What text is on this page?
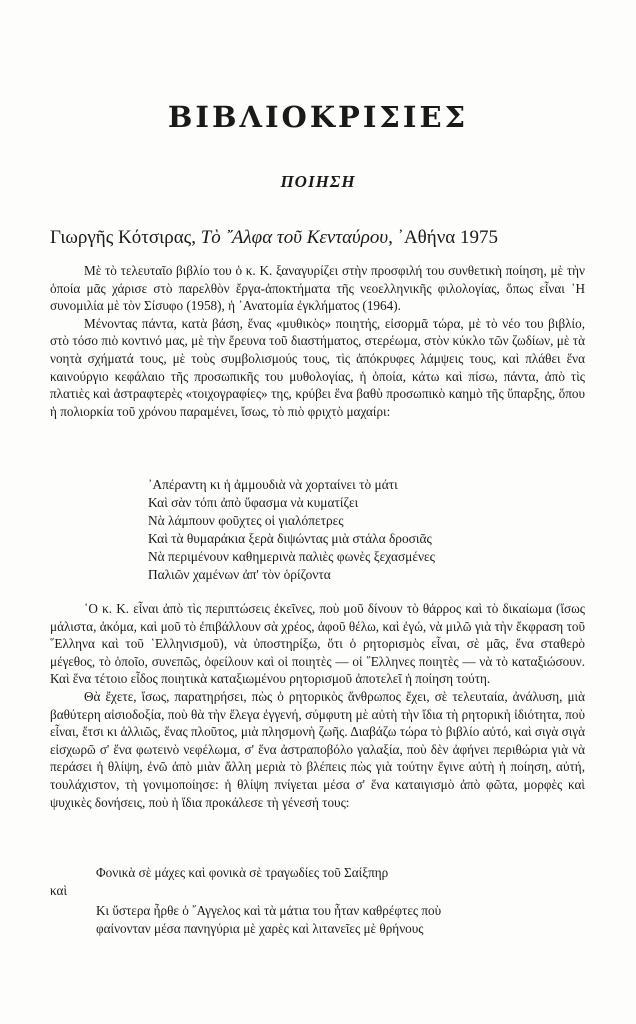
ΒΙΒΛΙΟΚΡΙΣΙΕΣ
ΠΟΙΗΣΗ
Γιωργῆς Κότσιρας, Τὸ ῎Αλφα τοῦ Κενταύρου, ᾿Αθήνα 1975

Μὲ τὸ τελευταῖο βιβλίο του ὁ κ. Κ. ξαναγυρίζει στὴν προσφιλή του συνθετικὴ ποίηση, μὲ τὴν ὁποία μᾶς χάρισε στὸ παρελθὸν ἔργα-ἀποκτήματα τῆς νεοελληνικῆς φιλολογίας, ὅπως εἶναι ῾Η συνομιλία μὲ τὸν Σίσυφο (1958), ἡ ᾿Ανατομία ἐγκλήματος (1964).

Μένοντας πάντα, κατὰ βάση, ἕνας «μυθικὸς» ποιητής, εἰσορμᾶ τώρα, μὲ τὸ νέο του βιβλίο, στὸ τόσο πιὸ κοντινό μας, μὲ τὴν ἔρευνα τοῦ διαστήματος, στερέωμα, στὸν κύκλο τῶν ζωδίων, μὲ τὰ νοητὰ σχήματά τους, μὲ τοὺς συμβολισμούς τους, τὶς ἀπόκρυφες λάμψεις τους, καὶ πλάθει ἕνα καινούργιο κεφάλαιο τῆς προσωπικῆς του μυθολογίας, ἡ ὁποία, κάτω καὶ πίσω, πάντα, ἀπὸ τὶς πλατιὲς καὶ ἀστραφτερὲς «τοιχογραφίες» της, κρύβει ἕνα βαθὺ προσωπικὸ καημὸ τῆς ὕπαρξης, ὅπου ἡ πολιορκία τοῦ χρόνου παραμένει, ἴσως, τὸ πιὸ φριχτὸ μαχαίρι:

᾿Απέραντη κι ἡ ἀμμουδιὰ νὰ χορταίνει τὸ μάτι
Καὶ σὰν τόπι ἀπὸ ὕφασμα νὰ κυματίζει
Νὰ λάμπουν φοῦχτες οἱ γιαλόπετρες
Καὶ τὰ θυμαράκια ξερὰ διψώντας μιὰ στάλα δροσιᾶς
Νὰ περιμένουν καθημερινὰ παλιὲς φωνὲς ξεχασμένες
Παλιῶν χαμένων ἀπ' τὸν ὁρίζοντα

῾Ο κ. Κ. εἶναι ἀπὸ τὶς περιπτώσεις ἐκεῖνες, ποὺ μοῦ δίνουν τὸ θάρρος καὶ τὸ δικαίωμα (ἴσως μάλιστα, ἀκόμα, καὶ μοῦ τὸ ἐπιβάλλουν σὰ χρέος, ἀφοῦ θέλω, καὶ ἐγώ, νὰ μιλῶ γιὰ τὴν ἔκφραση τοῦ ῞Ελληνα καὶ τοῦ ῾Ελληνισμοῦ), νὰ ὑποστηρίξω, ὅτι ὁ ρητορισμὸς εἶναι, σὲ μᾶς, ἕνα σταθερὸ μέγεθος, τὸ ὁποῖο, συνεπῶς, ὀφείλουν καὶ οἱ ποιητὲς — οἱ ῞Ελληνες ποιητὲς — νὰ τὸ καταξιώσουν. Καὶ ἕνα τέτοιο εἶδος ποιητικὰ καταξιωμένου ρητορισμοῦ ἀποτελεῖ ἡ ποίηση τούτη.

Θὰ ἔχετε, ἴσως, παρατηρήσει, πὼς ὁ ρητορικὸς ἄνθρωπος ἔχει, σὲ τελευταία, ἀνάλυση, μιὰ βαθύτερη αἰσιοδοξία, ποὺ θὰ τὴν ἔλεγα ἐγγενή, σύμφυτη μὲ αὐτὴ τὴν ἴδια τὴ ρητορικὴ ἰδιότητα, ποὺ εἶναι, ἔτσι κι ἀλλιῶς, ἕνας πλοῦτος, μιὰ πλησμονὴ ζωῆς. Διαβάζω τώρα τὸ βιβλίο αὐτό, καὶ σιγὰ σιγὰ εἰσχωρῶ σ' ἕνα φωτεινὸ νεφέλωμα, σ' ἕνα ἀστραποβόλο γαλαξία, ποὺ δὲν ἀφήνει περιθώρια γιὰ νὰ περάσει ἡ θλίψη, ἐνῶ ἀπὸ μιὰν ἄλλη μεριὰ τὸ βλέπεις πὼς γιὰ τούτην ἔγινε αὐτὴ ἡ ποίηση, αὐτή, τουλάχιστον, τὴ γονιμοποίησε: ἡ θλίψη πνίγεται μέσα σ' ἕνα καταιγισμὸ ἀπὸ φῶτα, μορφὲς καὶ ψυχικὲς δονήσεις, ποὺ ἡ ἴδια προκάλεσε τὴ γένεσή τους:

Φονικὰ σὲ μάχες καὶ φονικὰ σὲ τραγωδίες τοῦ Σαίξπηρ
καὶ
Κι ὕστερα ἦρθε ὁ ῎Αγγελος καὶ τὰ μάτια του ἦταν καθρέφτες ποὺ
φαίνονταν μέσα πανηγύρια μὲ χαρὲς καὶ λιτανεῖες μὲ θρήνους
